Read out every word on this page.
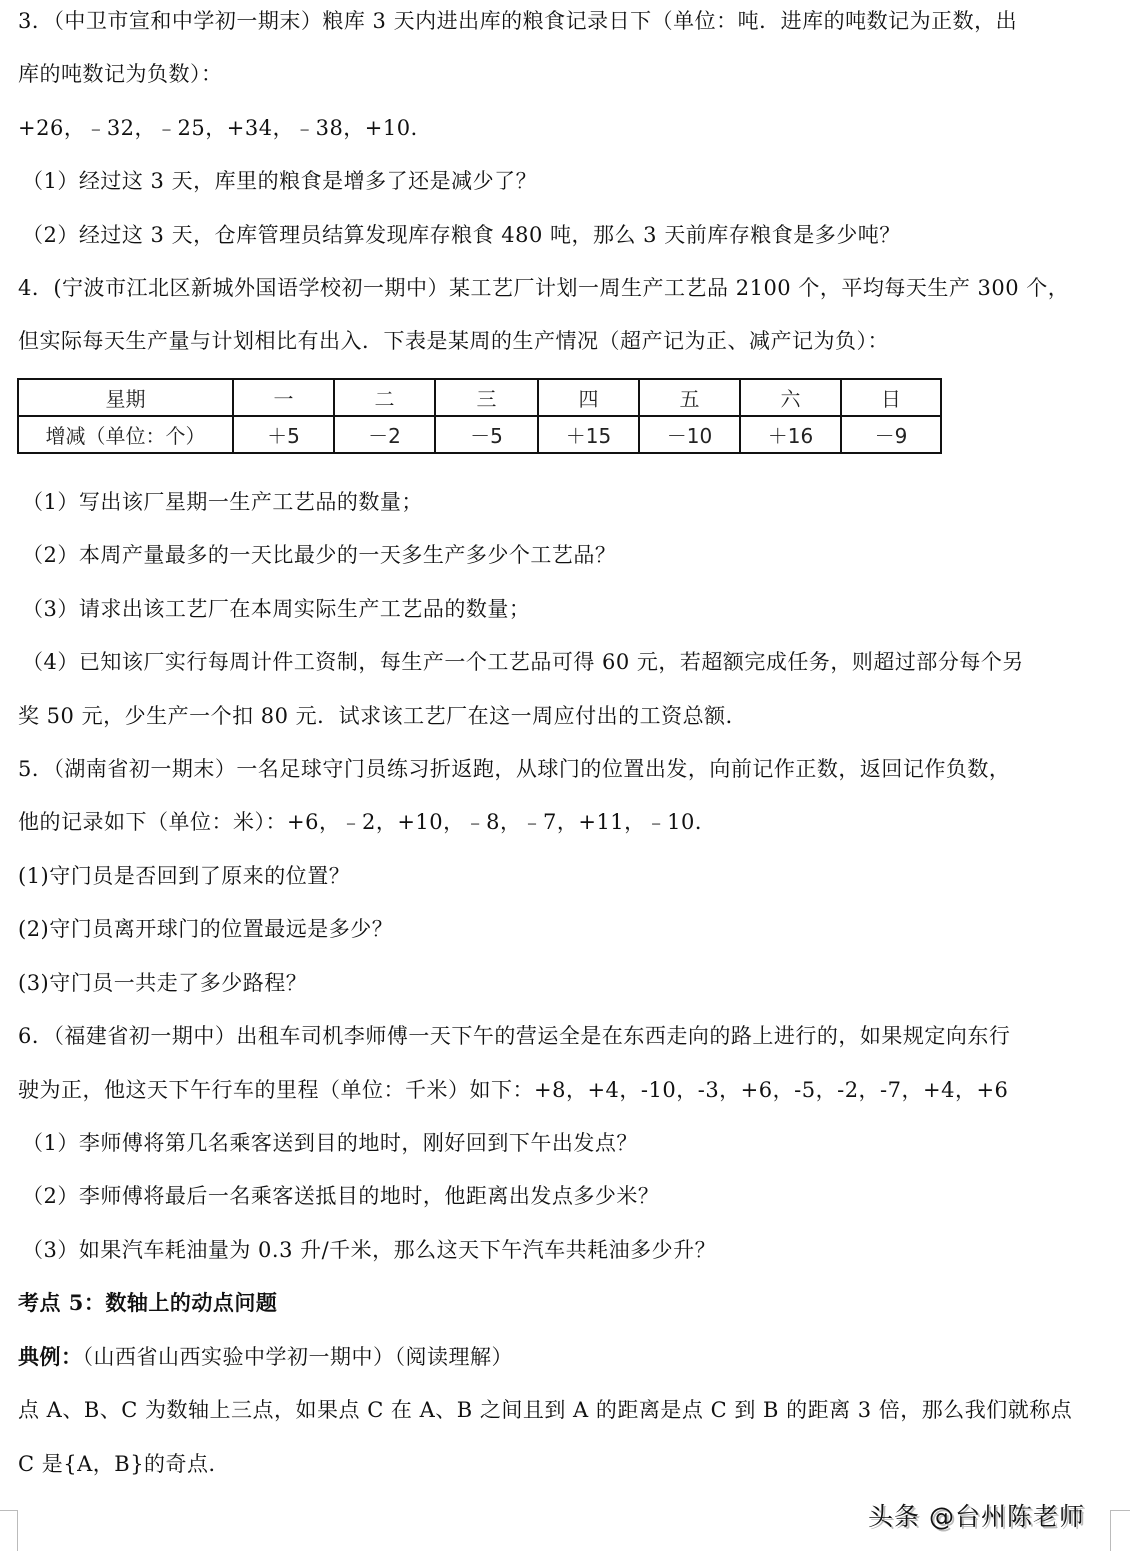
3．（中卫市宣和中学初一期末）粮库 3 天内进出库的粮食记录日下（单位：吨．进库的吨数记为正数，出
库的吨数记为负数）：
+26，﹣32，﹣25，+34，﹣38，+10．
（1）经过这 3 天，库里的粮食是增多了还是减少了？
（2）经过这 3 天，仓库管理员结算发现库存粮食 480 吨，那么 3 天前库存粮食是多少吨？
4．(宁波市江北区新城外国语学校初一期中）某工艺厂计划一周生产工艺品 2100 个，平均每天生产 300 个，
但实际每天生产量与计划相比有出入．下表是某周的生产情况（超产记为正、减产记为负）：
星期	一	二	三	四	五	六	日
增减（单位：个）	＋5	－2	－5	＋15	－10	＋16	－9
（1）写出该厂星期一生产工艺品的数量；
（2）本周产量最多的一天比最少的一天多生产多少个工艺品？
（3）请求出该工艺厂在本周实际生产工艺品的数量；
（4）已知该厂实行每周计件工资制，每生产一个工艺品可得 60 元，若超额完成任务，则超过部分每个另
奖 50 元，少生产一个扣 80 元．试求该工艺厂在这一周应付出的工资总额．
5．（湖南省初一期末）一名足球守门员练习折返跑，从球门的位置出发，向前记作正数，返回记作负数，
他的记录如下（单位：米）：+6，﹣2，+10，﹣8，﹣7，+11，﹣10．
(1)守门员是否回到了原来的位置？
(2)守门员离开球门的位置最远是多少？
(3)守门员一共走了多少路程？
6．（福建省初一期中）出租车司机李师傅一天下午的营运全是在东西走向的路上进行的，如果规定向东行
驶为正，他这天下午行车的里程（单位：千米）如下：+8，+4，-10，-3，+6，-5，-2，-7，+4，+6
（1）李师傅将第几名乘客送到目的地时，刚好回到下午出发点？
（2）李师傅将最后一名乘客送抵目的地时，他距离出发点多少米？
（3）如果汽车耗油量为 0.3 升/千米，那么这天下午汽车共耗油多少升？
考点 5：数轴上的动点问题
典例：（山西省山西实验中学初一期中）（阅读理解）
点 A、B、C 为数轴上三点，如果点 C 在 A、B 之间且到 A 的距离是点 C 到 B 的距离 3 倍，那么我们就称点
C 是{A，B}的奇点．
头条 @台州陈老师
